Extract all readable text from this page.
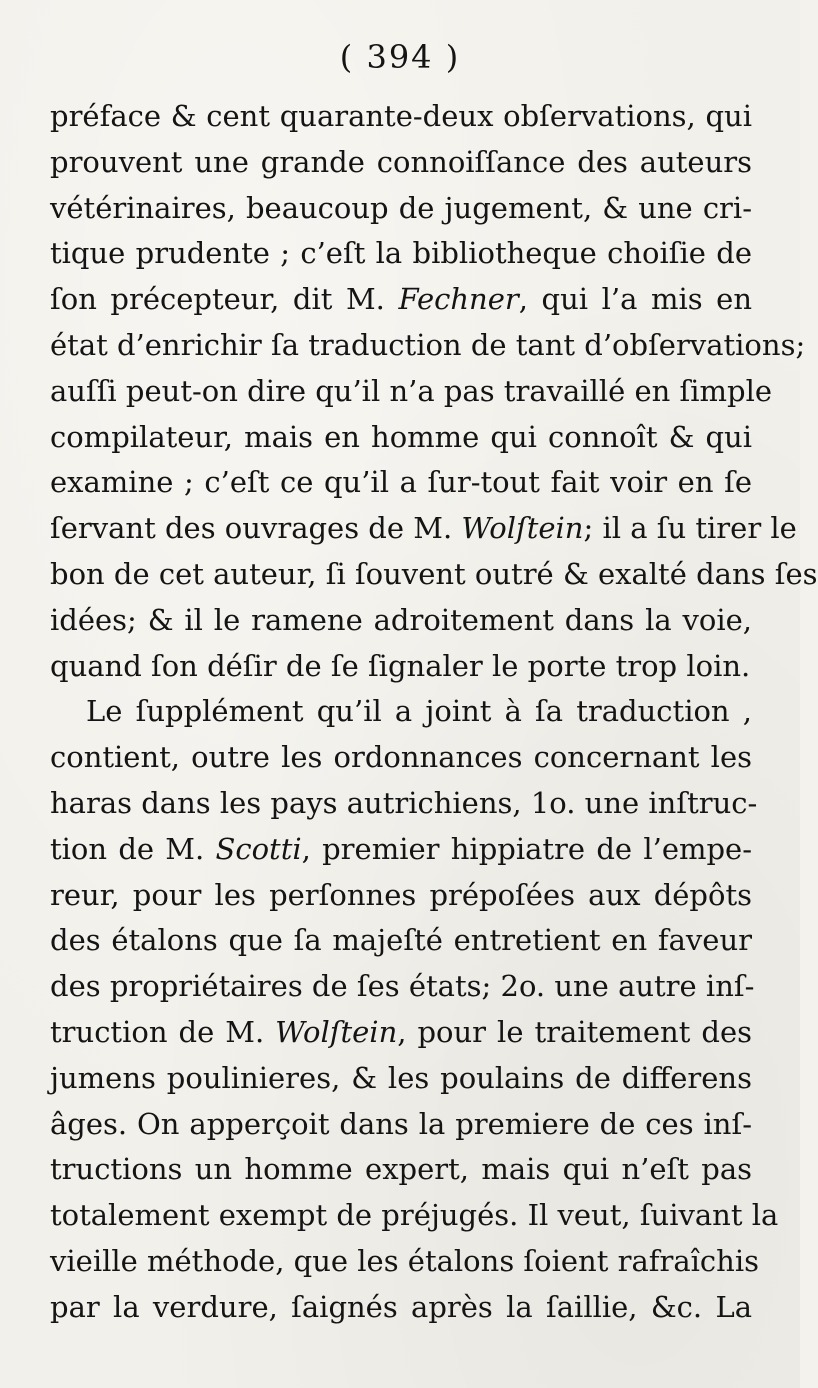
( 394 )
préface & cent quarante-deux obſervations, qui
prouvent une grande connoiſſance des auteurs
vétérinaires, beaucoup de jugement, & une cri-
tique prudente ; c’eſt la bibliotheque choiſie de
ſon précepteur, dit M. Fechner, qui l’a mis en
état d’enrichir ſa traduction de tant d’obſervations;
auſſi peut-on dire qu’il n’a pas travaillé en ſimple
compilateur, mais en homme qui connoît & qui
examine ; c’eſt ce qu’il a ſur-tout fait voir en ſe
ſervant des ouvrages de M. Wolſtein; il a ſu tirer le
bon de cet auteur, ſi ſouvent outré & exalté dans ſes
idées; & il le ramene adroitement dans la voie,
quand ſon déſir de ſe ſignaler le porte trop loin.
Le ſupplément qu’il a joint à ſa traduction ,
contient, outre les ordonnances concernant les
haras dans les pays autrichiens, 1o. une inſtruc-
tion de M. Scotti, premier hippiatre de l’empe-
reur, pour les perſonnes prépoſées aux dépôts
des étalons que ſa majeſté entretient en faveur
des propriétaires de ſes états; 2o. une autre inſ-
truction de M. Wolſtein, pour le traitement des
jumens poulinieres, & les poulains de differens
âges. On apperçoit dans la premiere de ces inſ-
tructions un homme expert, mais qui n’eſt pas
totalement exempt de préjugés. Il veut, ſuivant la
vieille méthode, que les étalons ſoient rafraîchis
par la verdure, ſaignés après la ſaillie, &c. La
